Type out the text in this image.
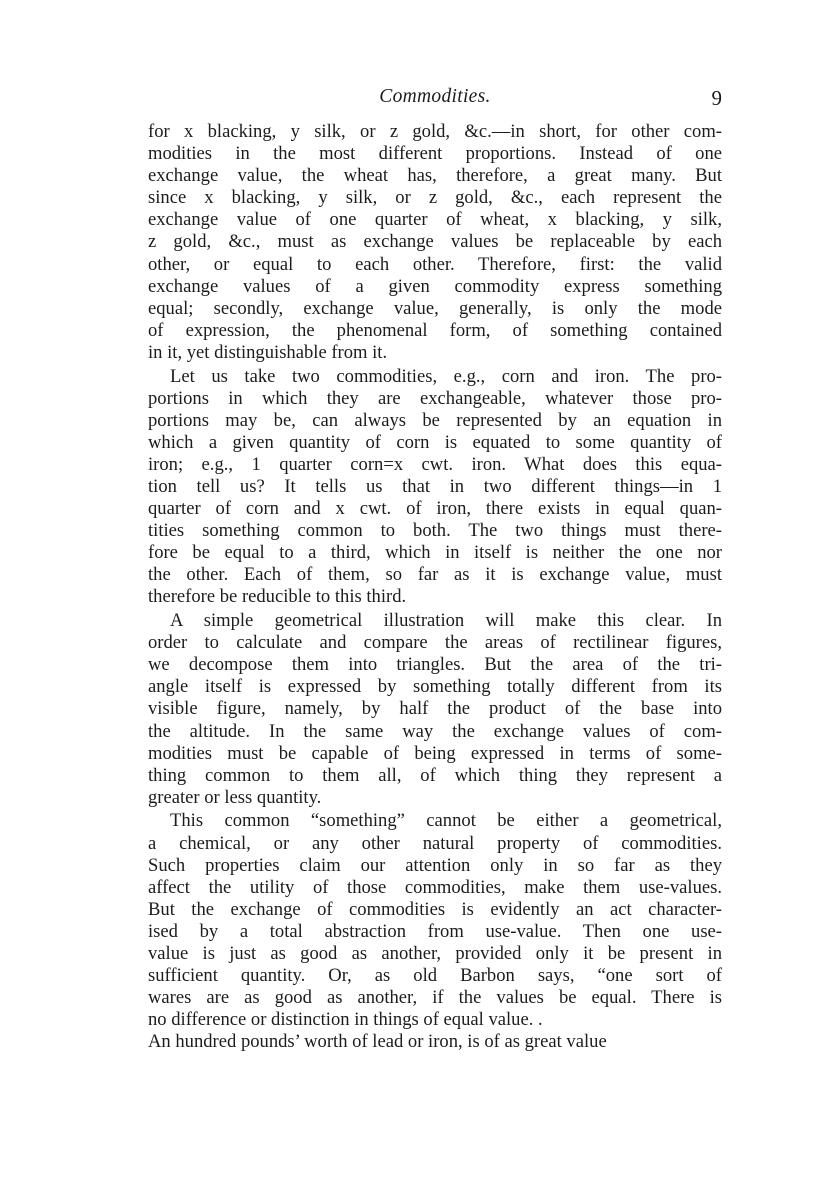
Commodities.	9

for x blacking, y silk, or z gold, &c.—in short, for other com-
modities in the most different proportions. Instead of one
exchange value, the wheat has, therefore, a great many. But
since x blacking, y silk, or z gold, &c., each represent the
exchange value of one quarter of wheat, x blacking, y silk,
z gold, &c., must as exchange values be replaceable by each
other, or equal to each other. Therefore, first: the valid
exchange values of a given commodity express something
equal; secondly, exchange value, generally, is only the mode
of expression, the phenomenal form, of something contained
in it, yet distinguishable from it.

Let us take two commodities, e.g., corn and iron. The pro-
portions in which they are exchangeable, whatever those pro-
portions may be, can always be represented by an equation in
which a given quantity of corn is equated to some quantity of
iron; e.g., 1 quarter corn=x cwt. iron. What does this equa-
tion tell us? It tells us that in two different things—in 1
quarter of corn and x cwt. of iron, there exists in equal quan-
tities something common to both. The two things must there-
fore be equal to a third, which in itself is neither the one nor
the other. Each of them, so far as it is exchange value, must
therefore be reducible to this third.

A simple geometrical illustration will make this clear. In
order to calculate and compare the areas of rectilinear figures,
we decompose them into triangles. But the area of the tri-
angle itself is expressed by something totally different from its
visible figure, namely, by half the product of the base into
the altitude. In the same way the exchange values of com-
modities must be capable of being expressed in terms of some-
thing common to them all, of which thing they represent a
greater or less quantity.

This common “something” cannot be either a geometrical,
a chemical, or any other natural property of commodities.
Such properties claim our attention only in so far as they
affect the utility of those commodities, make them use-values.
But the exchange of commodities is evidently an act character-
ised by a total abstraction from use-value. Then one use-
value is just as good as another, provided only it be present in
sufficient quantity. Or, as old Barbon says, “one sort of
wares are as good as another, if the values be equal. There is
no difference or distinction in things of equal value. .
An hundred pounds’ worth of lead or iron, is of as great value
